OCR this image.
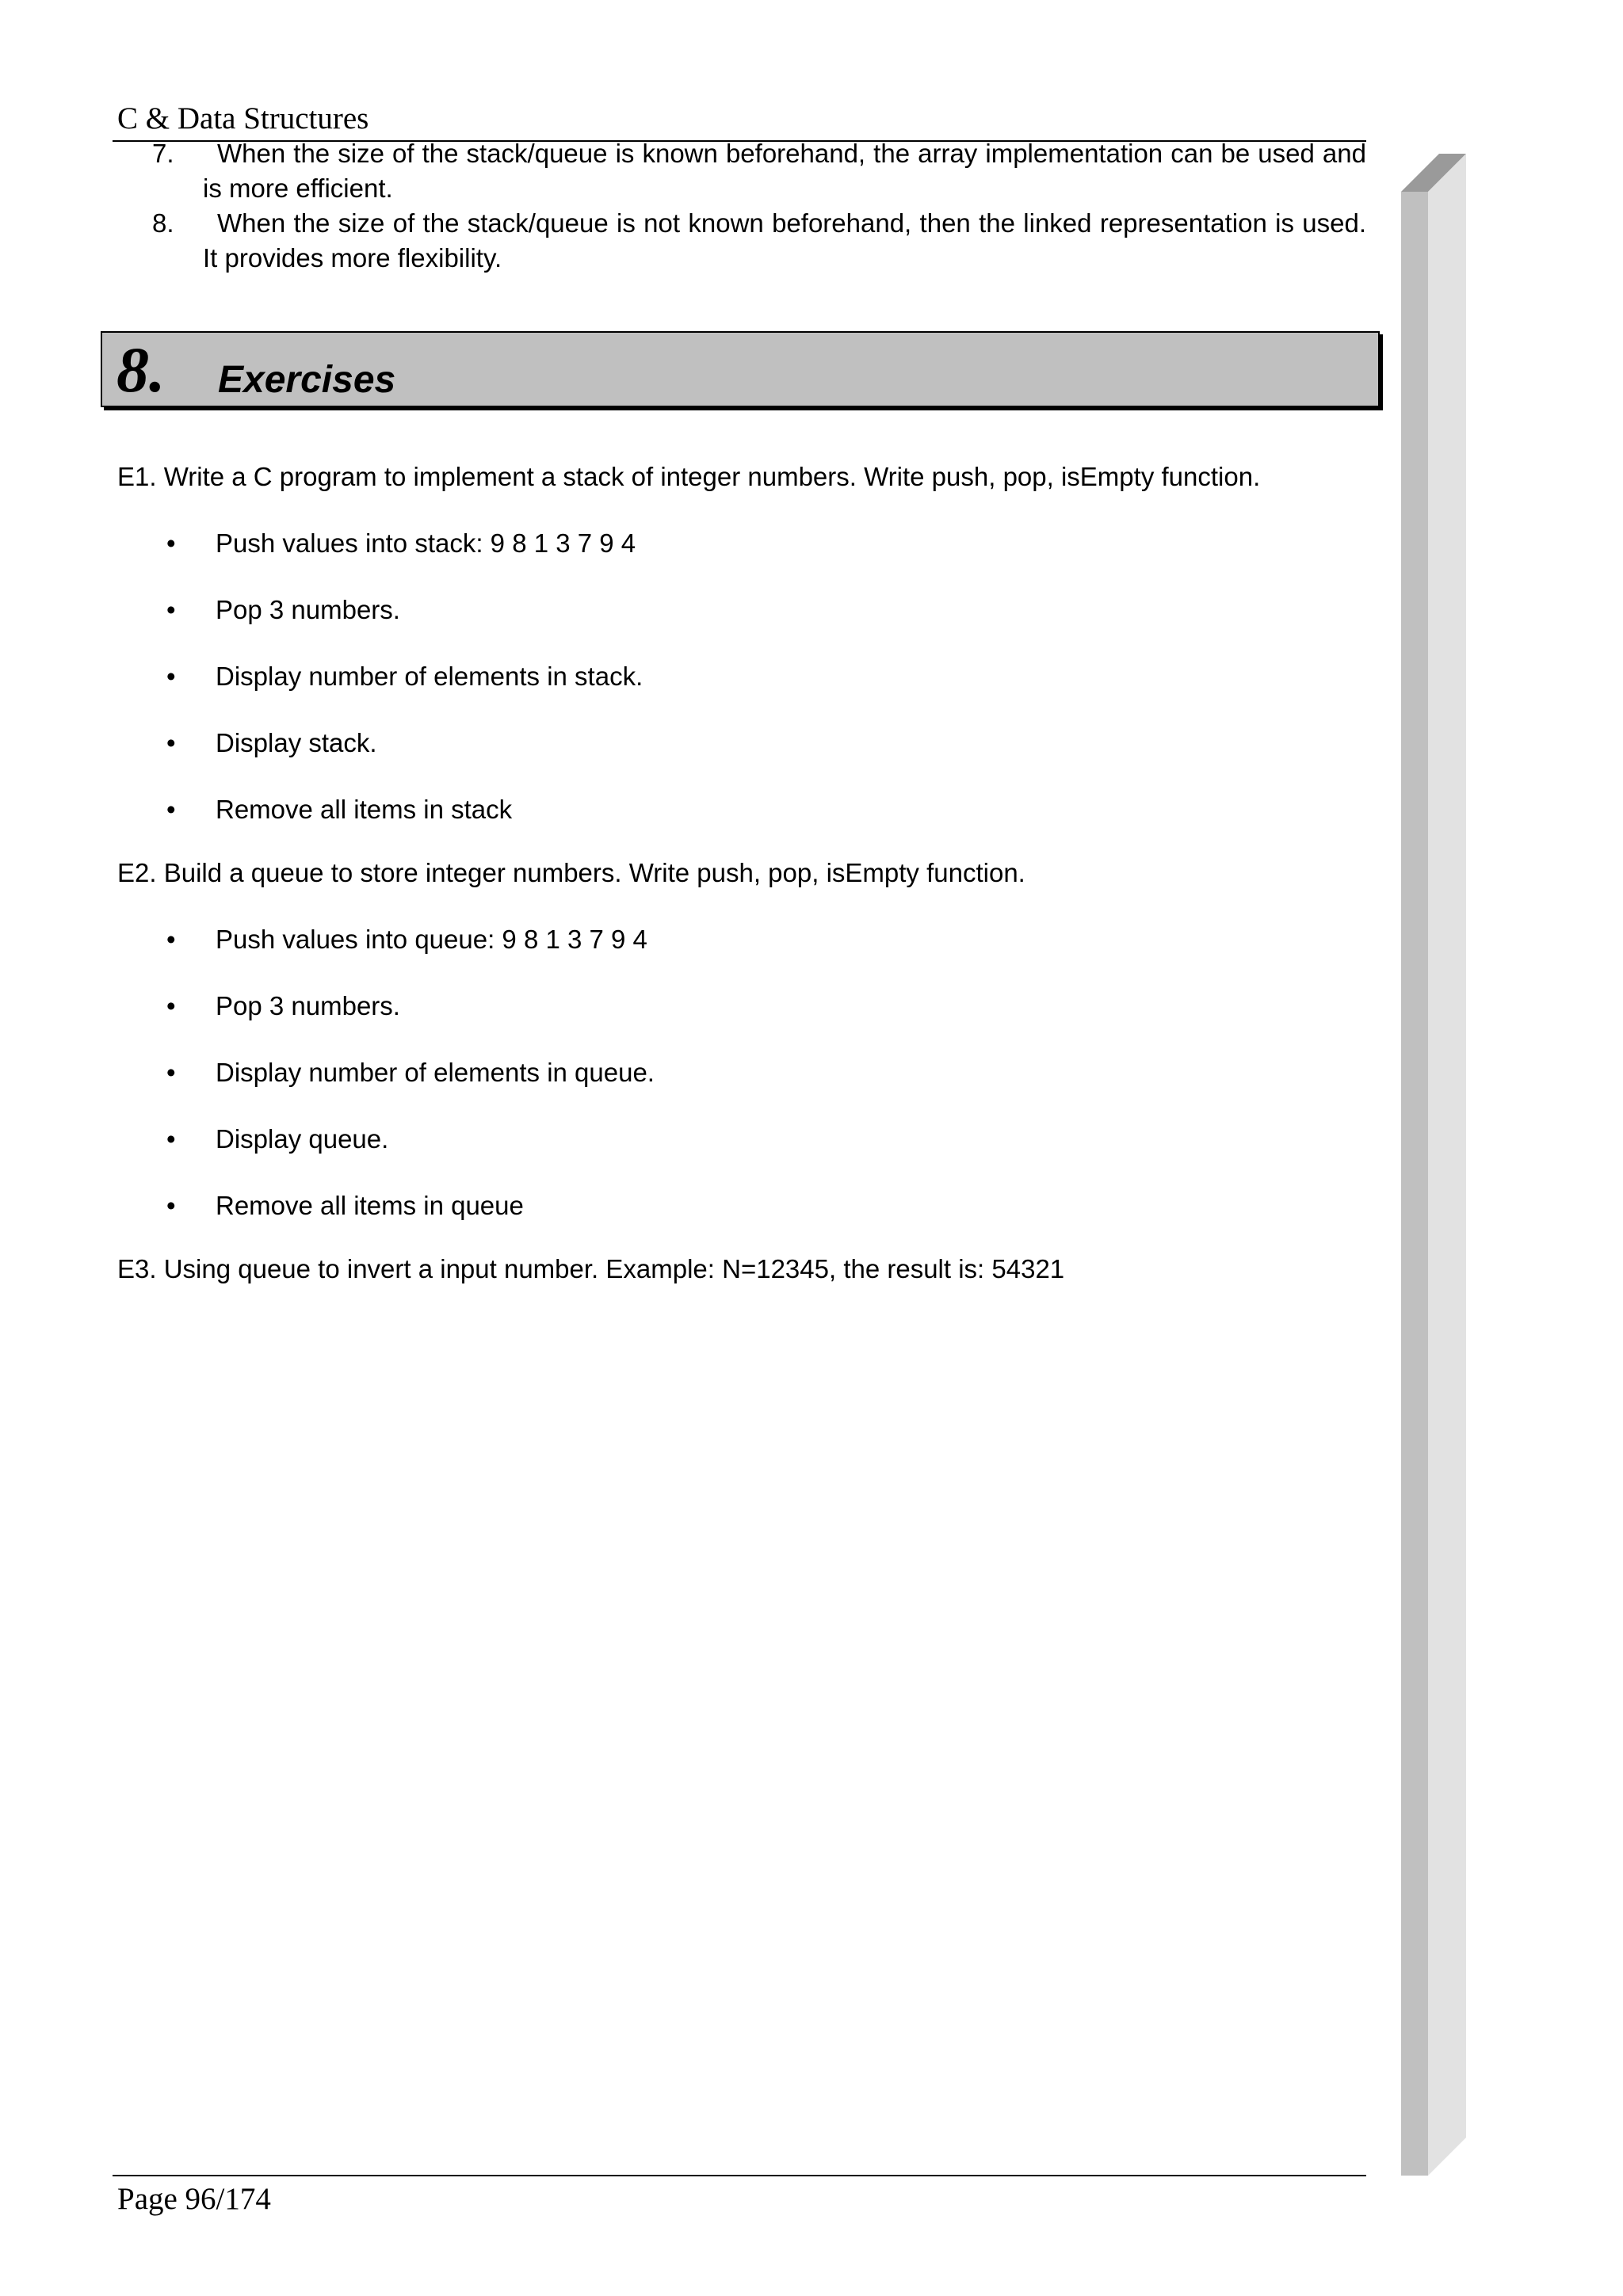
C & Data Structures
7.	When the size of the stack/queue is known beforehand, the array implementation can be used and is more efficient.
8.	When the size of the stack/queue is not known beforehand, then the linked representation is used. It provides more flexibility.
8. Exercises
E1. Write a C program to implement a stack of integer numbers. Write push, pop, isEmpty function.
• Push values into stack: 9 8 1 3 7 9 4
• Pop 3 numbers.
• Display number of elements in stack.
• Display stack.
• Remove all items in stack
E2. Build a queue to store integer numbers. Write push, pop, isEmpty function.
• Push values into queue: 9 8 1 3 7 9 4
• Pop 3 numbers.
• Display number of elements in queue.
• Display queue.
• Remove all items in queue
E3. Using queue to invert a input number. Example: N=12345, the result is: 54321
Page 96/174
